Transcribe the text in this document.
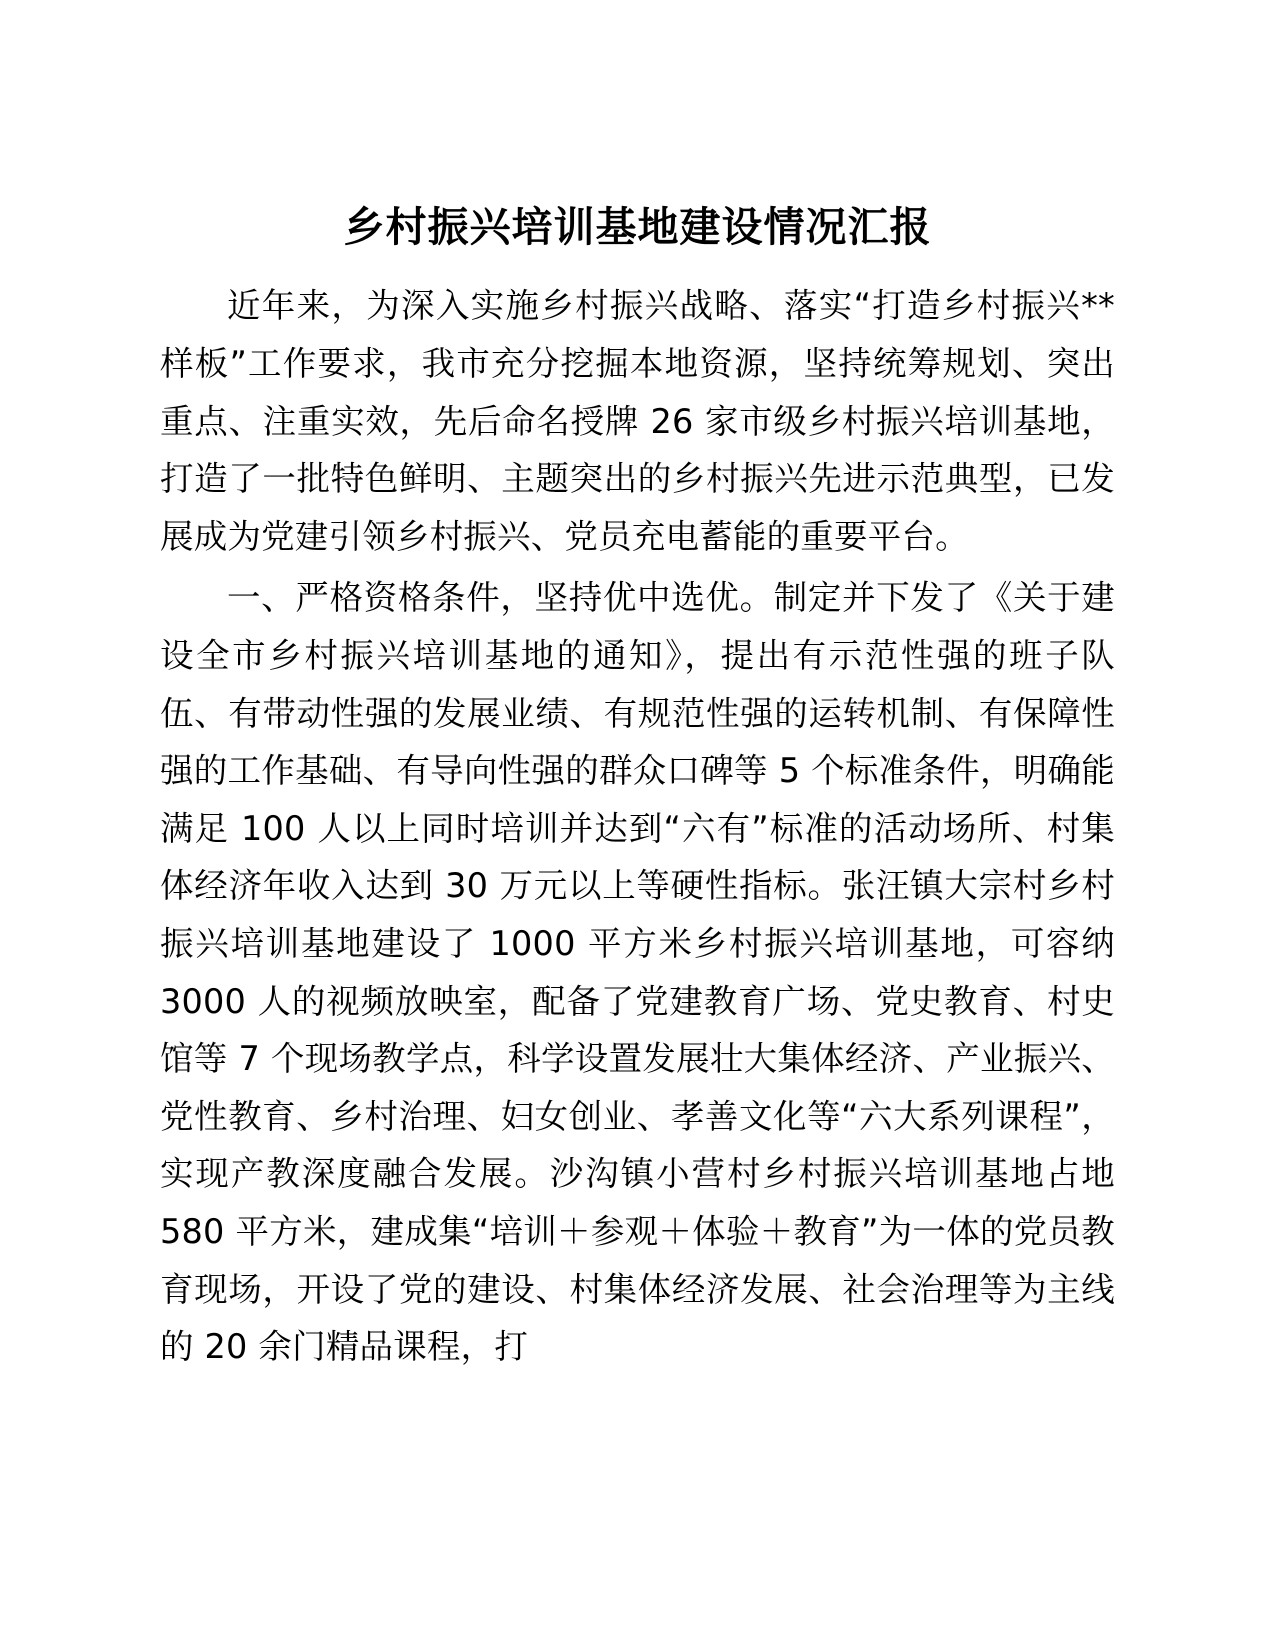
乡村振兴培训基地建设情况汇报

近年来，为深入实施乡村振兴战略、落实“打造乡村振兴**样板”工作要求，我市充分挖掘本地资源，坚持统筹规划、突出重点、注重实效，先后命名授牌 26 家市级乡村振兴培训基地，打造了一批特色鲜明、主题突出的乡村振兴先进示范典型，已发展成为党建引领乡村振兴、党员充电蓄能的重要平台。

一、严格资格条件，坚持优中选优。制定并下发了《关于建设全市乡村振兴培训基地的通知》，提出有示范性强的班子队伍、有带动性强的发展业绩、有规范性强的运转机制、有保障性强的工作基础、有导向性强的群众口碑等 5 个标准条件，明确能满足 100 人以上同时培训并达到“六有”标准的活动场所、村集体经济年收入达到 30 万元以上等硬性指标。张汪镇大宗村乡村振兴培训基地建设了 1000 平方米乡村振兴培训基地，可容纳 3000 人的视频放映室，配备了党建教育广场、党史教育、村史馆等 7 个现场教学点，科学设置发展壮大集体经济、产业振兴、党性教育、乡村治理、妇女创业、孝善文化等“六大系列课程”，实现产教深度融合发展。沙沟镇小营村乡村振兴培训基地占地 580 平方米，建成集“培训＋参观＋体验＋教育”为一体的党员教育现场，开设了党的建设、村集体经济发展、社会治理等为主线的 20 余门精品课程，打
